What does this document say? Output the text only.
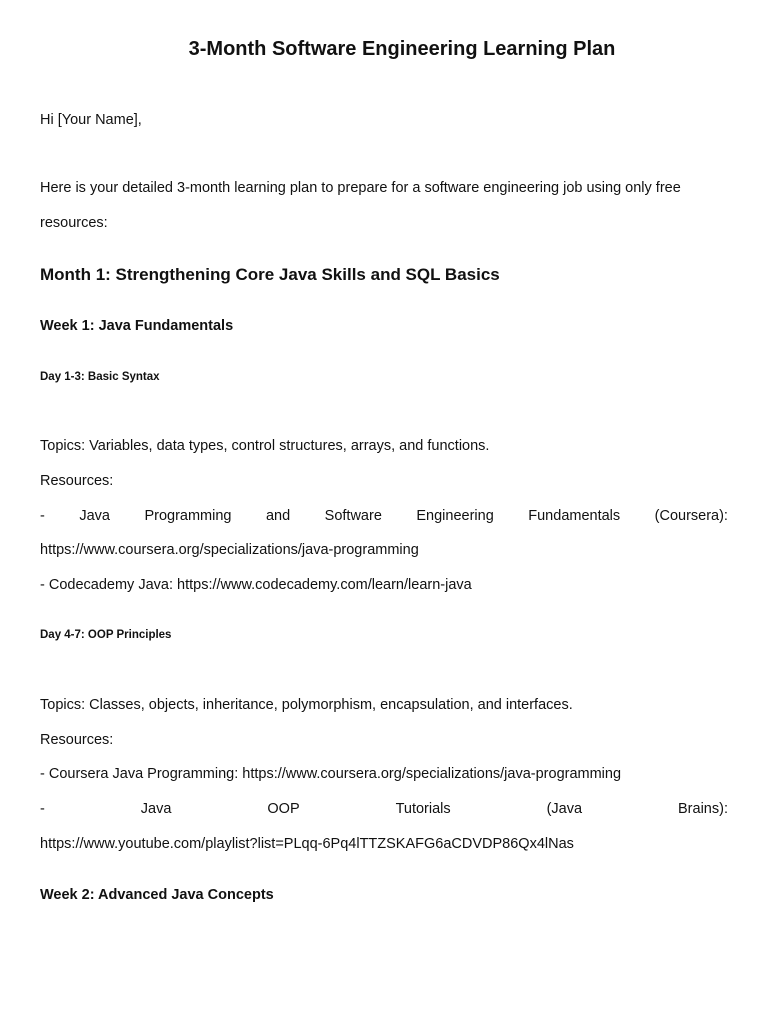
3-Month Software Engineering Learning Plan
Hi [Your Name],
Here is your detailed 3-month learning plan to prepare for a software engineering job using only free
resources:
Month 1: Strengthening Core Java Skills and SQL Basics
Week 1: Java Fundamentals
Day 1-3: Basic Syntax
Topics: Variables, data types, control structures, arrays, and functions.
Resources:
- Java Programming and Software Engineering Fundamentals (Coursera):
https://www.coursera.org/specializations/java-programming
- Codecademy Java: https://www.codecademy.com/learn/learn-java
Day 4-7: OOP Principles
Topics: Classes, objects, inheritance, polymorphism, encapsulation, and interfaces.
Resources:
- Coursera Java Programming: https://www.coursera.org/specializations/java-programming
-	Java	OOP	Tutorials	(Java	Brains):
https://www.youtube.com/playlist?list=PLqq-6Pq4lTTZSKAFG6aCDVDP86Qx4lNas
Week 2: Advanced Java Concepts
